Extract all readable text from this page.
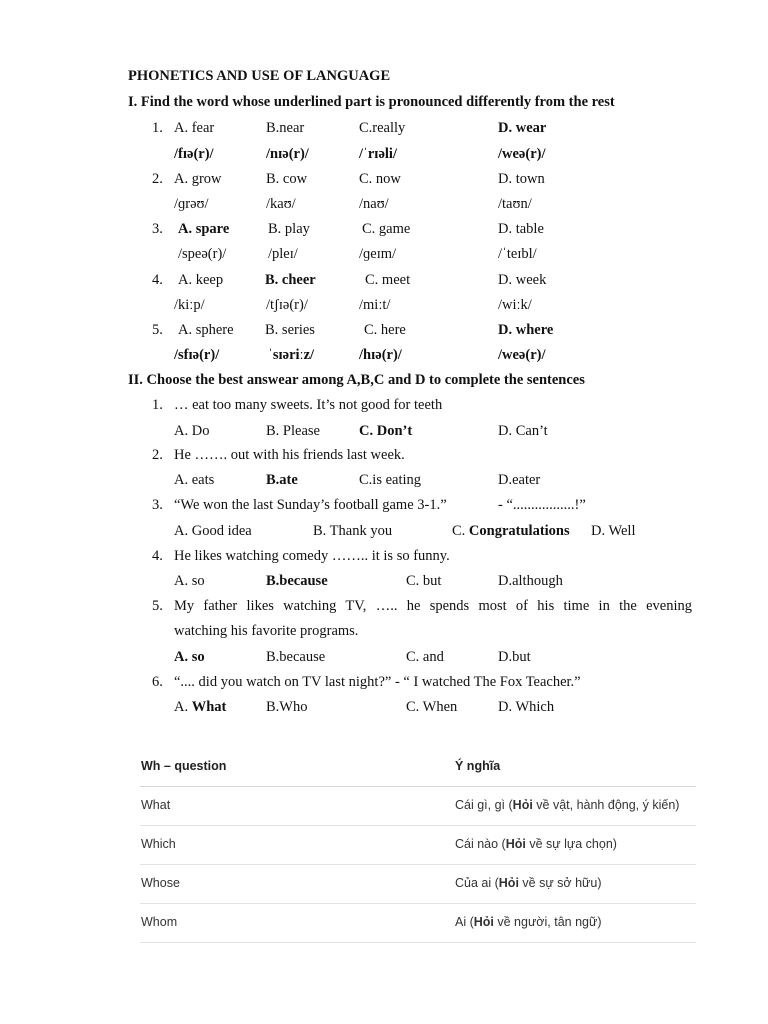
PHONETICS AND USE OF LANGUAGE
I. Find the word whose underlined part is pronounced differently from the rest
1. A. fear	B.near	C.really	D. wear
/fɪə(r)/	/nɪə(r)/	/ˈrɪəli/	/weə(r)/
2. A. grow	B. cow	C. now	D. town
/ɡrəʊ/	/kaʊ/	/naʊ/	/taʊn/
3. A. spare	B. play	C. game	D. table
/speə(r)/	/pleɪ/	/ɡeɪm/	/ˈteɪbl/
4. A. keep	B. cheer	C. meet	D. week
/kiːp/	/tʃɪə(r)/	/miːt/	/wiːk/
5. A. sphere B. series	C. here	D. where
/sfɪə(r)/	ˈsɪəriːz/	/hɪə(r)/	/weə(r)/
II. Choose the best answear among A,B,C and D to complete the sentences
1. … eat too many sweets. It’s not good for teeth
A. Do	B. Please	C. Don’t	D. Can’t
2. He ……. out with his friends last week.
A. eats	B.ate	C.is eating	D.eater
3. “We won the last Sunday’s football game 3-1.”	- “.................!”
A. Good idea	B. Thank you	C. Congratulations D. Well
4. He likes watching comedy …….. it is so funny.
A. so	B.because	C. but	D.although
5. My father likes watching TV, ….. he spends most of his time in the evening
watching his favorite programs.
A. so	B.because	C. and	D.but
6. “.... did you watch on TV last night?” - “ I watched The Fox Teacher.”
A. What	B.Who	C. When	D. Which
Wh – question	Ý nghĩa
What	Cái gì, gì (Hỏi về vật, hành động, ý kiến)
Which	Cái nào (Hỏi về sự lựa chọn)
Whose	Của ai (Hỏi về sự sở hữu)
Whom	Ai (Hỏi về người, tân ngữ)
